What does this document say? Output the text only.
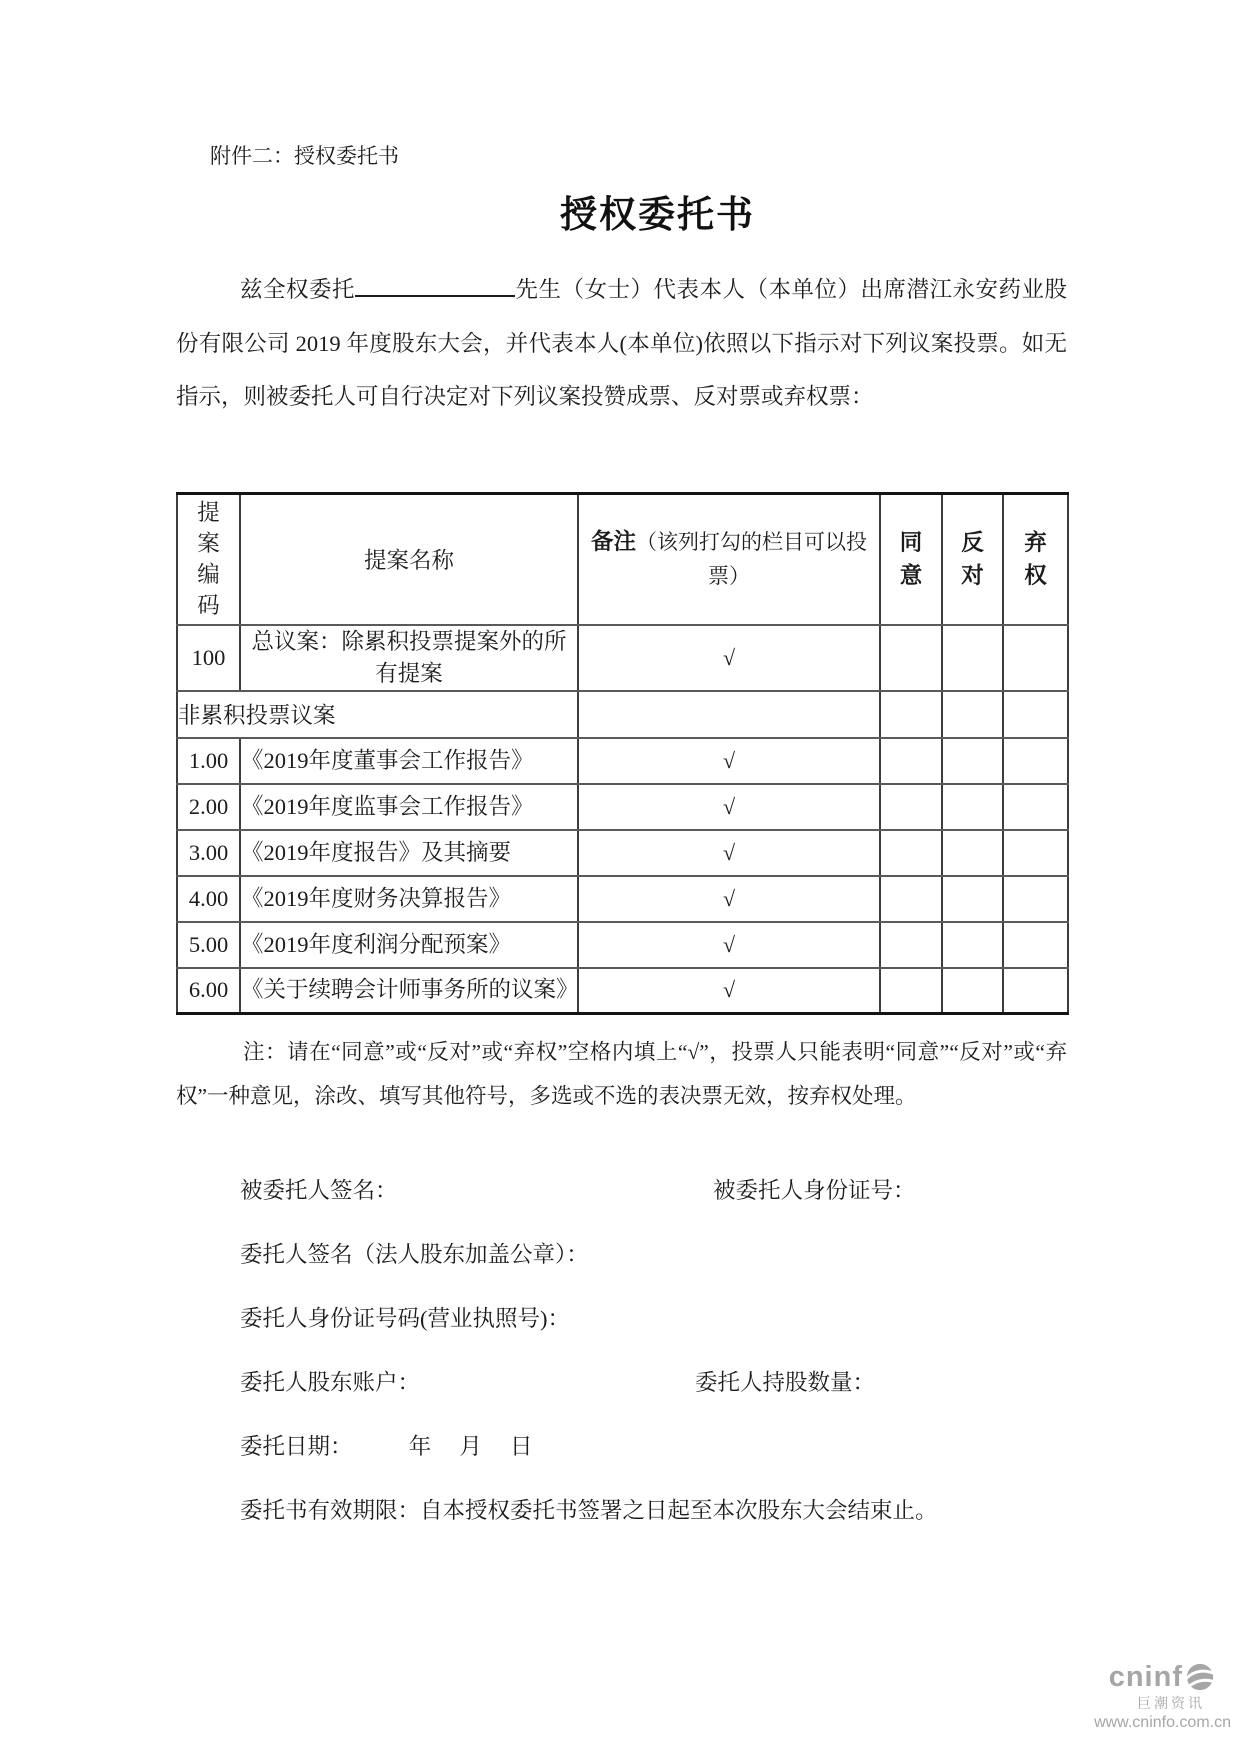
附件二：授权委托书
授权委托书

兹全权委托	先生（女士）代表本人（本单位）出席潜江永安药业股份有限公司 2019 年度股东大会，并代表本人(本单位)依照以下指示对下列议案投票。如无指示，则被委托人可自行决定对下列议案投赞成票、反对票或弃权票：

提案编码	提案名称	备注（该列打勾的栏目可以投票）	同意	反对	弃权
100	总议案：除累积投票提案外的所有提案	√			
非累积投票议案					
1.00	《2019年度董事会工作报告》	√			
2.00	《2019年度监事会工作报告》	√			
3.00	《2019年度报告》及其摘要	√			
4.00	《2019年度财务决算报告》	√			
5.00	《2019年度利润分配预案》	√			
6.00	《关于续聘会计师事务所的议案》	√			

注：请在“同意”或“反对”或“弃权”空格内填上“√”，投票人只能表明“同意”“反对”或“弃权”一种意见，涂改、填写其他符号，多选或不选的表决票无效，按弃权处理。

被委托人签名：	被委托人身份证号：
委托人签名（法人股东加盖公章）：
委托人身份证号码(营业执照号)：
委托人股东账户：	委托人持股数量：
委托日期：　　　年　 月　 日
委托书有效期限：自本授权委托书签署之日起至本次股东大会结束止。
cninf
巨潮资讯
www.cninfo.com.cn
